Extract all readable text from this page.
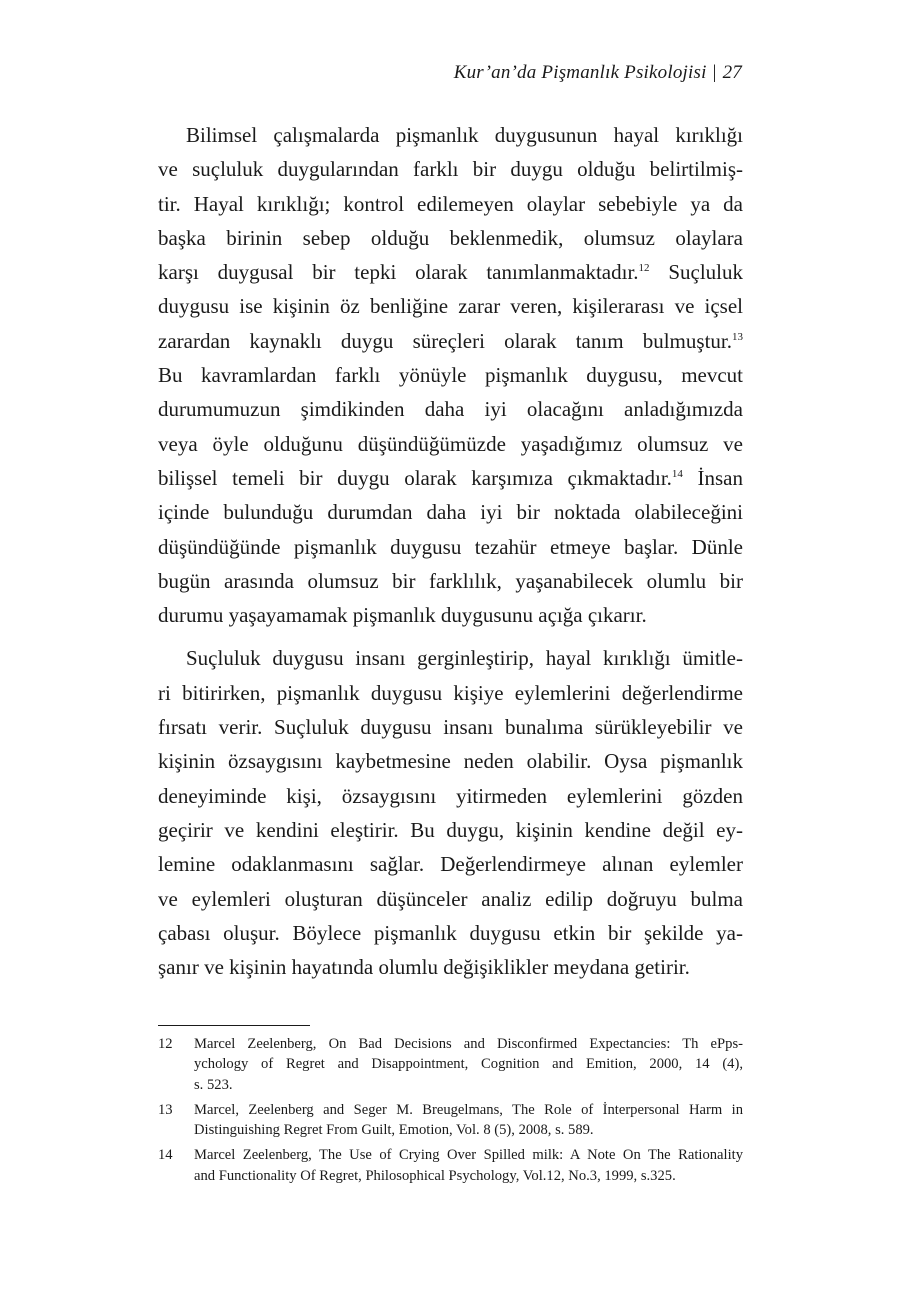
Kur’an’da Pişmanlık Psikolojisi | 27

Bilimsel çalışmalarda pişmanlık duygusunun hayal kırıklığı
ve suçluluk duygularından farklı bir duygu olduğu belirtilmiş-
tir. Hayal kırıklığı; kontrol edilemeyen olaylar sebebiyle ya da
başka birinin sebep olduğu beklenmedik, olumsuz olaylara
karşı duygusal bir tepki olarak tanımlanmaktadır.$^{12}$ Suçluluk
duygusu ise kişinin öz benliğine zarar veren, kişilerarası ve içsel
zarardan kaynaklı duygu süreçleri olarak tanım bulmuştur.$^{13}$
Bu kavramlardan farklı yönüyle pişmanlık duygusu, mevcut
durumumuzun şimdikinden daha iyi olacağını anladığımızda
veya öyle olduğunu düşündüğümüzde yaşadığımız olumsuz ve
bilişsel temeli bir duygu olarak karşımıza çıkmaktadır.$^{14}$ İnsan
içinde bulunduğu durumdan daha iyi bir noktada olabileceğini
düşündüğünde pişmanlık duygusu tezahür etmeye başlar. Dünle
bugün arasında olumsuz bir farklılık, yaşanabilecek olumlu bir
durumu yaşayamamak pişmanlık duygusunu açığa çıkarır.

Suçluluk duygusu insanı gerginleştirip, hayal kırıklığı ümitle-
ri bitirirken, pişmanlık duygusu kişiye eylemlerini değerlendirme
fırsatı verir. Suçluluk duygusu insanı bunalıma sürükleyebilir ve
kişinin özsaygısını kaybetmesine neden olabilir. Oysa pişmanlık
deneyiminde kişi, özsaygısını yitirmeden eylemlerini gözden
geçirir ve kendini eleştirir. Bu duygu, kişinin kendine değil ey-
lemine odaklanmasını sağlar. Değerlendirmeye alınan eylemler
ve eylemleri oluşturan düşünceler analiz edilip doğruyu bulma
çabası oluşur. Böylece pişmanlık duygusu etkin bir şekilde ya-
şanır ve kişinin hayatında olumlu değişiklikler meydana getirir.

12	Marcel Zeelenberg, On Bad Decisions and Disconfirmed Expectancies: Th ePps-
ychology of Regret and Disappointment, Cognition and Emition, 2000, 14 (4),
s. 523.
13	Marcel, Zeelenberg and Seger M. Breugelmans, The Role of İnterpersonal Harm in
Distinguishing Regret From Guilt, Emotion, Vol. 8 (5), 2008, s. 589.
14	Marcel Zeelenberg, The Use of Crying Over Spilled milk: A Note On The Rationality
and Functionality Of Regret, Philosophical Psychology, Vol.12, No.3, 1999, s.325.
